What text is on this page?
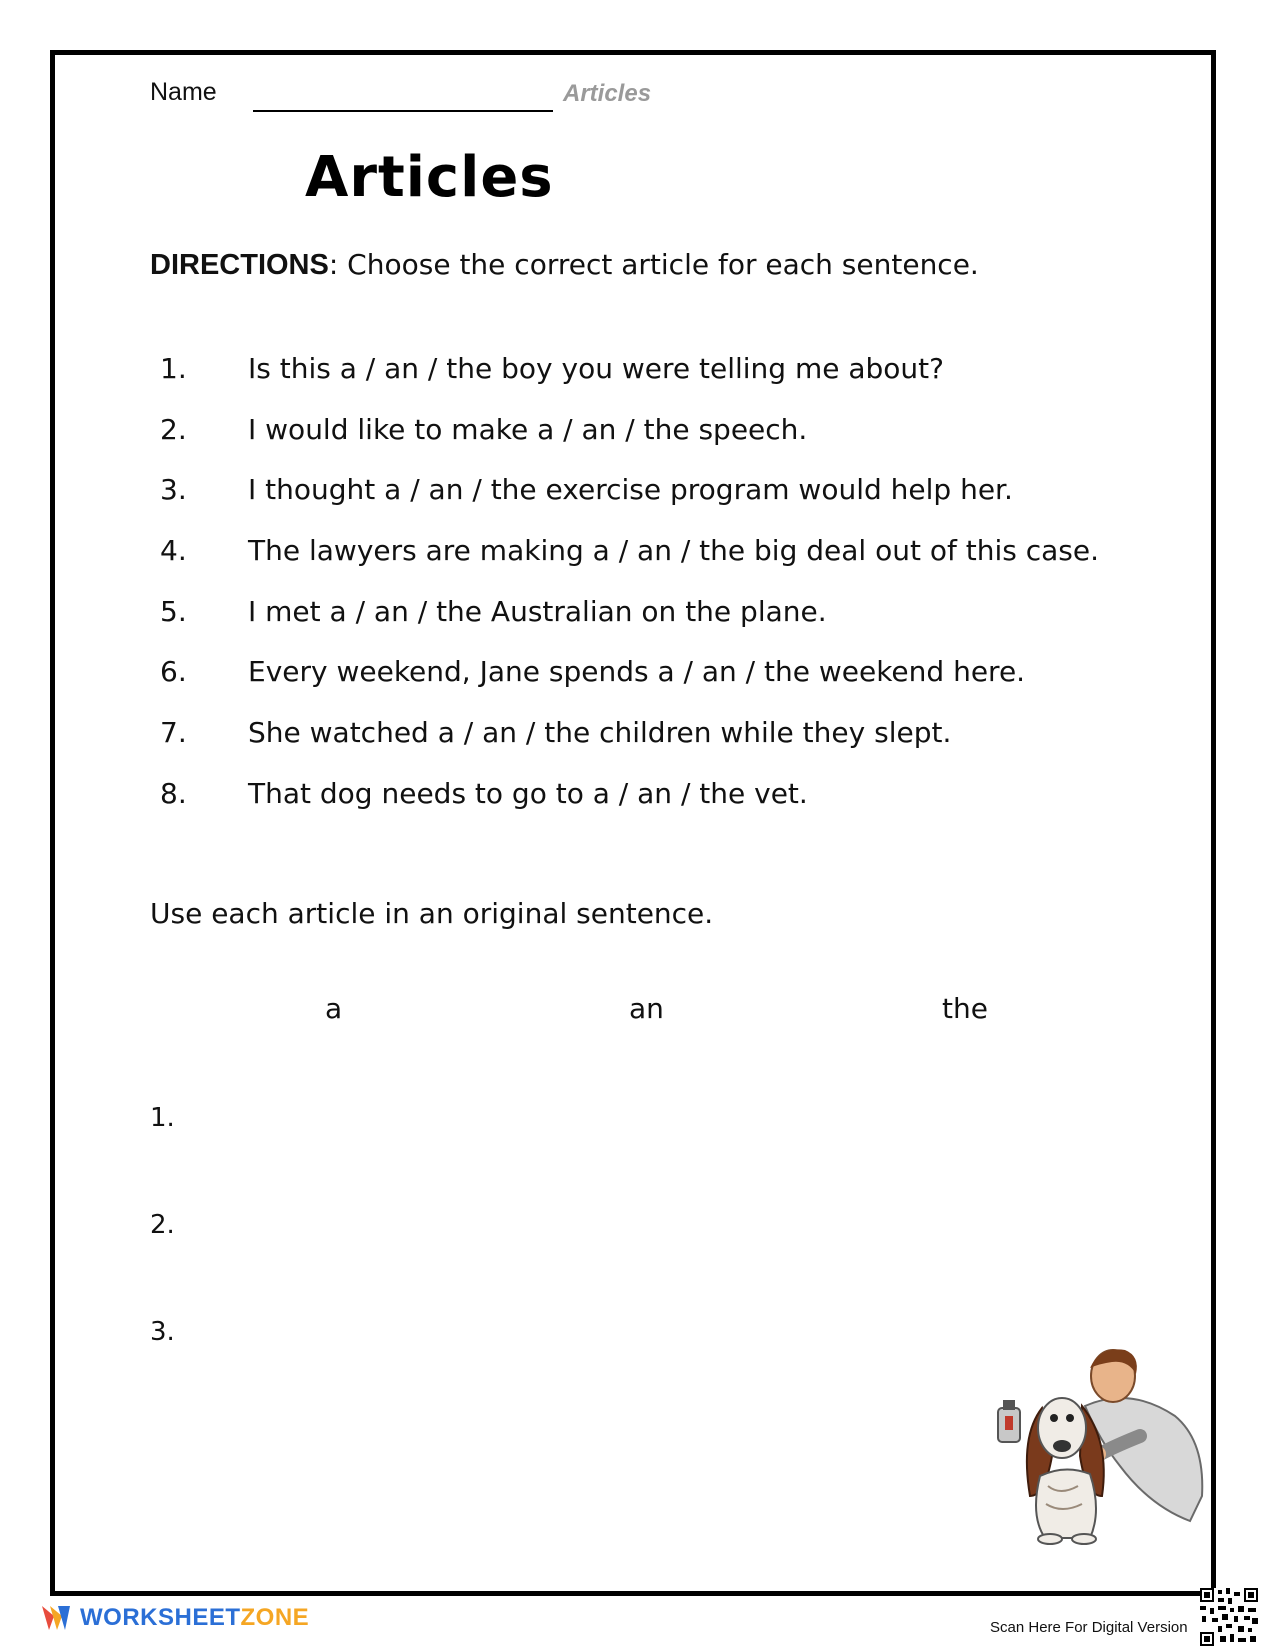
Name	Articles
Articles
DIRECTIONS: Choose the correct article for each sentence.
1.	Is this a / an / the boy you were telling me about?
2.	I would like to make a / an / the speech.
3.	I thought a / an / the exercise program would help her.
4.	The lawyers are making a / an / the big deal out of this case.
5.	I met a / an / the Australian on the plane.
6.	Every weekend, Jane spends a / an / the weekend here.
7.	She watched a / an / the children while they slept.
8.	That dog needs to go to a / an / the vet.
Use each article in an original sentence.
a	an	the
1.
2.
3.
WORKSHEETZONE	Scan Here For Digital Version
